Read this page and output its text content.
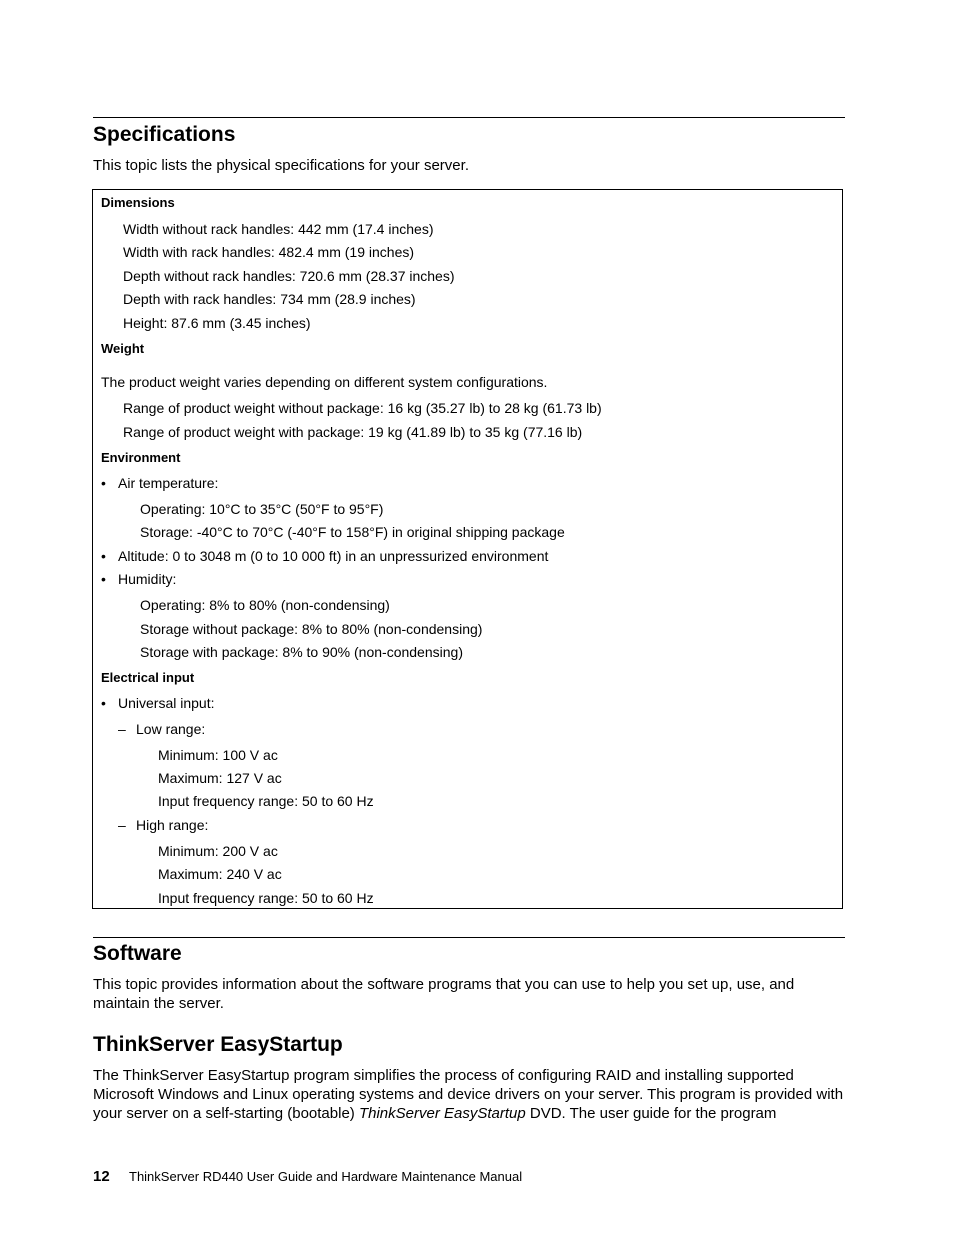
Specifications

This topic lists the physical specifications for your server.

Dimensions
Width without rack handles: 442 mm (17.4 inches)
Width with rack handles: 482.4 mm (19 inches)
Depth without rack handles: 720.6 mm (28.37 inches)
Depth with rack handles: 734 mm (28.9 inches)
Height: 87.6 mm (3.45 inches)
Weight
The product weight varies depending on different system configurations.
Range of product weight without package: 16 kg (35.27 lb) to 28 kg (61.73 lb)
Range of product weight with package: 19 kg (41.89 lb) to 35 kg (77.16 lb)
Environment
• Air temperature:
Operating: 10°C to 35°C (50°F to 95°F)
Storage: -40°C to 70°C (-40°F to 158°F) in original shipping package
• Altitude: 0 to 3048 m (0 to 10 000 ft) in an unpressurized environment
• Humidity:
Operating: 8% to 80% (non-condensing)
Storage without package: 8% to 80% (non-condensing)
Storage with package: 8% to 90% (non-condensing)
Electrical input
• Universal input:
– Low range:
Minimum: 100 V ac
Maximum: 127 V ac
Input frequency range: 50 to 60 Hz
– High range:
Minimum: 200 V ac
Maximum: 240 V ac
Input frequency range: 50 to 60 Hz
Software

This topic provides information about the software programs that you can use to help you set up, use, and maintain the server.

ThinkServer EasyStartup

The ThinkServer EasyStartup program simplifies the process of configuring RAID and installing supported Microsoft Windows and Linux operating systems and device drivers on your server. This program is provided with your server on a self-starting (bootable) ThinkServer EasyStartup DVD. The user guide for the program

12 ThinkServer RD440 User Guide and Hardware Maintenance Manual
